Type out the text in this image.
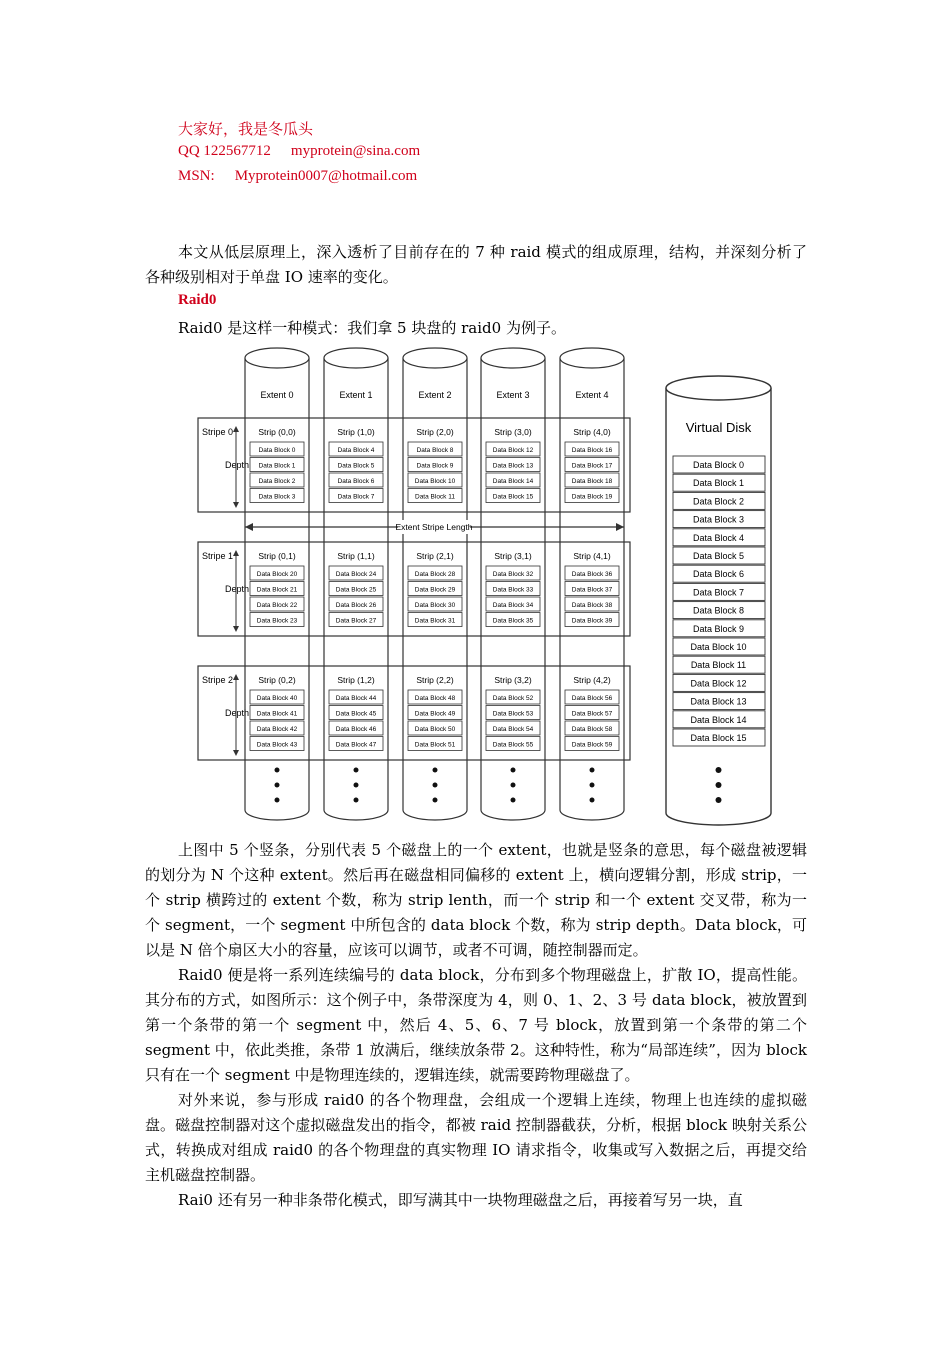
大家好，我是冬瓜头
QQ 122567712 myprotein@sina.com
MSN: Myprotein0007@hotmail.com

本文从低层原理上，深入透析了目前存在的 7 种 raid 模式的组成原理，结构，并深刻分析了各种级别相对于单盘 IO 速率的变化。

Raid0
Raid0 是这样一种模式：我们拿 5 块盘的 raid0 为例子。
Extent 0	Extent 1	Extent 2	Extent 3	Extent 4
Stripe 0
Depth
Strip (0,0)
Data Block 0
Data Block 1
Data Block 2
Data Block 3
Strip (1,0)
Data Block 4
Data Block 5
Data Block 6
Data Block 7
Strip (2,0)
Data Block 8
Data Block 9
Data Block 10
Data Block 11
Strip (3,0)
Data Block 12
Data Block 13
Data Block 14
Data Block 15
Strip (4,0)
Data Block 16
Data Block 17
Data Block 18
Data Block 19
Stripe 1
Depth
Strip (0,1)
Data Block 20
Data Block 21
Data Block 22
Data Block 23
Strip (1,1)
Data Block 24
Data Block 25
Data Block 26
Data Block 27
Strip (2,1)
Data Block 28
Data Block 29
Data Block 30
Data Block 31
Strip (3,1)
Data Block 32
Data Block 33
Data Block 34
Data Block 35
Strip (4,1)
Data Block 36
Data Block 37
Data Block 38
Data Block 39
Stripe 2
Depth
Strip (0,2)
Data Block 40
Data Block 41
Data Block 42
Data Block 43
Strip (1,2)
Data Block 44
Data Block 45
Data Block 46
Data Block 47
Strip (2,2)
Data Block 48
Data Block 49
Data Block 50
Data Block 51
Strip (3,2)
Data Block 52
Data Block 53
Data Block 54
Data Block 55
Strip (4,2)
Data Block 56
Data Block 57
Data Block 58
Data Block 59
Extent Stripe Length
Virtual Disk
Data Block 0
Data Block 1
Data Block 2
Data Block 3
Data Block 4
Data Block 5
Data Block 6
Data Block 7
Data Block 8
Data Block 9
Data Block 10
Data Block 11
Data Block 12
Data Block 13
Data Block 14
Data Block 15

上图中 5 个竖条，分别代表 5 个磁盘上的一个 extent，也就是竖条的意思，每个磁盘被逻辑的划分为 N 个这种 extent。然后再在磁盘相同偏移的 extent 上，横向逻辑分割，形成 strip，一个 strip 横跨过的 extent 个数，称为 strip lenth，而一个 strip 和一个 extent 交叉带，称为一个 segment，一个 segment 中所包含的 data block 个数，称为 strip depth。Data block，可以是 N 倍个扇区大小的容量，应该可以调节，或者不可调，随控制器而定。

Raid0 便是将一系列连续编号的 data block，分布到多个物理磁盘上，扩散 IO，提高性能。其分布的方式，如图所示：这个例子中，条带深度为 4，则 0、1、2、3 号 data block，被放置到第一个条带的第一个 segment 中，然后 4、5、6、7 号 block，放置到第一个条带的第二个 segment 中，依此类推，条带 1 放满后，继续放条带 2。这种特性，称为“局部连续”，因为 block 只有在一个 segment 中是物理连续的，逻辑连续，就需要跨物理磁盘了。

对外来说，参与形成 raid0 的各个物理盘，会组成一个逻辑上连续，物理上也连续的虚拟磁盘。磁盘控制器对这个虚拟磁盘发出的指令，都被 raid 控制器截获，分析，根据 block 映射关系公式，转换成对组成 raid0 的各个物理盘的真实物理 IO 请求指令，收集或写入数据之后，再提交给主机磁盘控制器。

Rai0 还有另一种非条带化模式，即写满其中一块物理磁盘之后，再接着写另一块，直
